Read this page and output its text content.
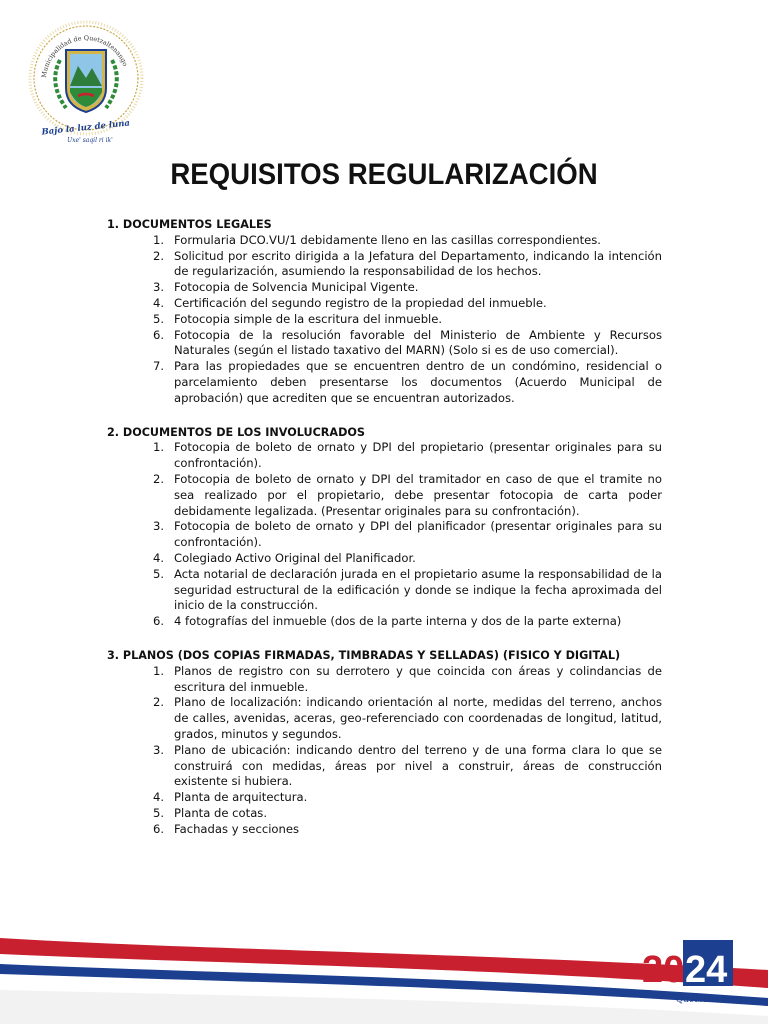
Municipalidad de Quetzaltenango
Bajo la luz de luna
Uxe' saqil ri ik'
REQUISITOS REGULARIZACIÓN

1. DOCUMENTOS LEGALES

1. Formularia DCO.VU/1 debidamente lleno en las casillas correspondientes.
2. Solicitud por escrito dirigida a la Jefatura del Departamento, indicando la intención de regularización, asumiendo la responsabilidad de los hechos.
3. Fotocopia de Solvencia Municipal Vigente.
4. Certificación del segundo registro de la propiedad del inmueble.
5. Fotocopia simple de la escritura del inmueble.
6. Fotocopia de la resolución favorable del Ministerio de Ambiente y Recursos Naturales (según el listado taxativo del MARN) (Solo si es de uso comercial).
7. Para las propiedades que se encuentren dentro de un condómino, residencial o parcelamiento deben presentarse los documentos (Acuerdo Municipal de aprobación) que acrediten que se encuentran autorizados.

2. DOCUMENTOS DE LOS INVOLUCRADOS

1. Fotocopia de boleto de ornato y DPI del propietario (presentar originales para su confrontación).
2. Fotocopia de boleto de ornato y DPI del tramitador en caso de que el tramite no sea realizado por el propietario, debe presentar fotocopia de carta poder debidamente legalizada. (Presentar originales para su confrontación).
3. Fotocopia de boleto de ornato y DPI del planificador (presentar originales para su confrontación).
4. Colegiado Activo Original del Planificador.
5. Acta notarial de declaración jurada en el propietario asume la responsabilidad de la seguridad estructural de la edificación y donde se indique la fecha aproximada del inicio de la construcción.
6. 4 fotografías del inmueble (dos de la parte interna y dos de la parte externa)

3. PLANOS (DOS COPIAS FIRMADAS, TIMBRADAS Y SELLADAS) (FISICO Y DIGITAL)

1. Planos de registro con su derrotero y que coincida con áreas y colindancias de escritura del inmueble.
2. Plano de localización: indicando orientación al norte, medidas del terreno, anchos de calles, avenidas, aceras, geo-referenciado con coordenadas de longitud, latitud, grados, minutos y segundos.
3. Plano de ubicación: indicando dentro del terreno y de una forma clara lo que se construirá con medidas, áreas por nivel a construir, áreas de construcción existente si hubiera.
4. Planta de arquitectura.
5. Planta de cotas.
6. Fachadas y secciones
20 24
Quetzaltenango
